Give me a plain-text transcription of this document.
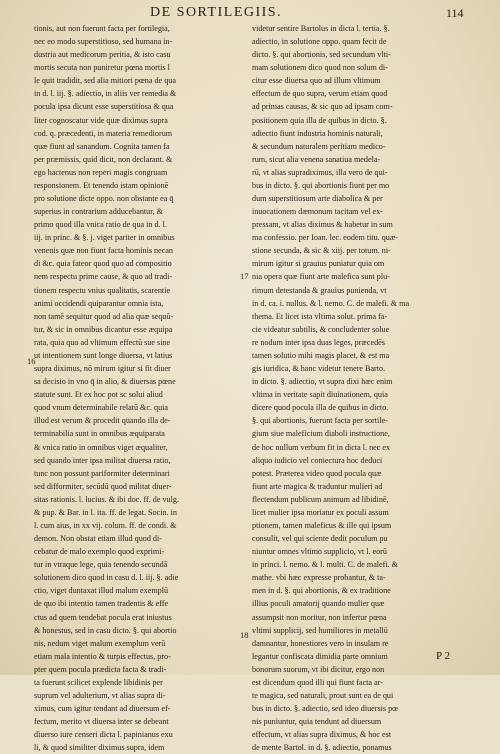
DE SORTILEGIIS.	114
tionis, aut non fuerunt facta per fortilegia,
nec eo modo superstitioso, sed humana in-
dustria aut medicorum peritia, & isto casu
mortis secuta non puniretur pœna mortis l
le quit tradidit, sed alia mitiori pœna de qua
in d. l. iij. §. adiectio, in aliis ver remedia &
pocula ipsa dicunt esse superstitiosa & qua
liter cognoscatur vide quæ diximus supra
cod. q. præcedenti, in materia remediorum
quæ fiunt ad sanandum. Cognita tamen fa
per præmissis, quid dicit, non declarant. &
ego hactenus non reperi magis congruam
responsionem. Et tenendo istam opinionē
pro solutione dicte oppo. non obstante ea q̄
superius in contrarium adducebantur, &
primo quod illa vnica ratio de qua in d. l.
iij. in princ. & §. j. viget pariter in omnibus
venenis quæ non fiunt facta hominis necan
di &c. quia fateor quod quo ad compositio
nem respectu prime cause, & quo ad tradi-
tionem respectu vnius qualitatis, scarentie
animi occidendi quiparantur omnia ista,
non tamē sequitur quod ad alia quæ sequū-
tur, & sic in omnibus dicantur esse æquipa
rata, quia quo ad vltimum effectū sue sine
ut intentionem sunt longe diuersa, vt latius
supra diximus, nō mirum igitur si fit diuer
sa decisio in vno q̄ in alio, & diuersas pœne
statute sunt. Et ex hoc pot sc solui aliud
quod vnum determinabile relatū &c. quia
illud est verum & procedit quando illa de-
terminabilia sunt in omnibus æquiparata
& vnica ratio in omnibus viget æqualiter,
sed quando inter ipsa militat diuersa ratio,
tunc non possunt pariformiter determinari
sed difformiter, secūdū quod militat diuer-
sitas rationis. l. lucius. & ibi doc. ff. de vulg.
& pup. & Bar. in l. ita. ff. de legat. Socin. in
l. cum aius, in xx vij. colum. ff. de condi. &
demon. Non obstat etiam illud quod di-
cebatur de malo exemplo quod exprimi-
tur in vtraque lege, quia tenendo secundā
solutionem dico quod in casu d. l. iij. §. adie
ctio, viget duntaxat illud malum exemplū
de quo ibi intentio tamen tradentis & effe
ctus ad quem tendebat pocula erat iniustus
& honestus, sed in casu dicto. §. qui abortio
nis, nedum viget malum exemplum verū
etiam mala intentio & turpis effectus, pro-
pter quem pocula prædicta facta & tradi-
ta fuerunt scilicet explende libidinis per
suprum vel adulterium, vt alias supra di-
ximus, cum igitur tendant ad diuersum ef-
fectum, merito vt diuersa inter se debeant
diuerso iure censeri dicta l. papinianus exu
li, & quod similiter diximus supra, idem
videtur sentire Bartolus in dicta l. tertia. §.
adiectio, in solutione oppo. quam fecit de
dicto. §. qui abortionis, sed secundum vlti-
mam solutionem dico quod non solum di-
citur esse diuersa quo ad illum vltimum
effectum de quo supra, verum etiam quod
ad primas causas, & sic quo ad ipsam com-
positionem quia illa de quibus in dicto. §.
adiectio fiunt industria hominis naturali,
& secundum naturalem peritiam medico-
rum, sicut alia venena sanatiua medela-
rū, vt alias supradiximus, illa vero de qui-
bus in dicto. §. qui abortionis fiunt per mo
dum superstitiosum arte diabolica & per
inuocationem dæmonum tacitam vel ex-
pressam, vt alias diximus & habetur in sum
ma confessio. per Ioan. lec. eodem titu. quæ-
stione secunda, & sic & xiij. per totum. ni-
mirum igitur si grauius puniatur quia om
nia opera quæ fiunt arte malefica sunt plu-
rimum detestanda & grauius punienda, vt
in d. ca. i. nullus. & l. nemo. C. de malefi. & ma
thema. Et licet ista vltima solut. prima fa-
cie videatur subtilis, & concludenter solue
re nodum inter ipsa duas leges, præcedēs
tamen solutio mihi magis placet, & est ma
gis iuridica, & hanc videtur tenere Barto.
in dicto. §. adiectio, vt supra dixi hæc enim
vltima in veritate sapit diuinationem, quia
dicere quod pocula illa de quibus in dicto.
§. qui abortionis, fuerunt facta per sortile-
gium siue maleficium diaboli instructione,
de hoc nullum verbum fit in dicta l. nec ex
aliquo iudicio vel coniectura hoc deduci
potest. Præterea video quod pocula quæ
fiunt arte magica & traduntur mulieri ad
flectendum publicum animum ad libidinē,
licet mulier ipsa moriatur ex poculi assum
ptionem, tamen maleficus & ille qui ipsum
consulit, vel qui sciente dedit poculum pu
niuntur omnes vltimo supplicio, vt l. eorū
in princi. l. nemo. & l. multi. C. de malefi. &
mathe. vbi hæc expresse probantur, & ta-
men in d. §. qui abortionis, & ex traditione
illius poculi amatorij quando mulier quæ
assumpsit non moritur, non infertur pœna
vltimi supplicij, sed humiliores in metallū
damnantur, honestiores vero in insulam re
legantur confiscata dimidia parte omnium
bonorum suorum, vt ibi dicitur, ergo non
est dicendum quod illi qui fiunt facta ar-
te magica, sed naturali, prout sunt ea de qui
bus in dicto. §. adiectio, sed ideo diuersis pœ
nis puniuntur, quia tendunt ad diuersum
effectum, vt alias supra diximus, & hoc est
de mente Bartol. in d. §. adiectio, ponamus
16
17
18
P 2
